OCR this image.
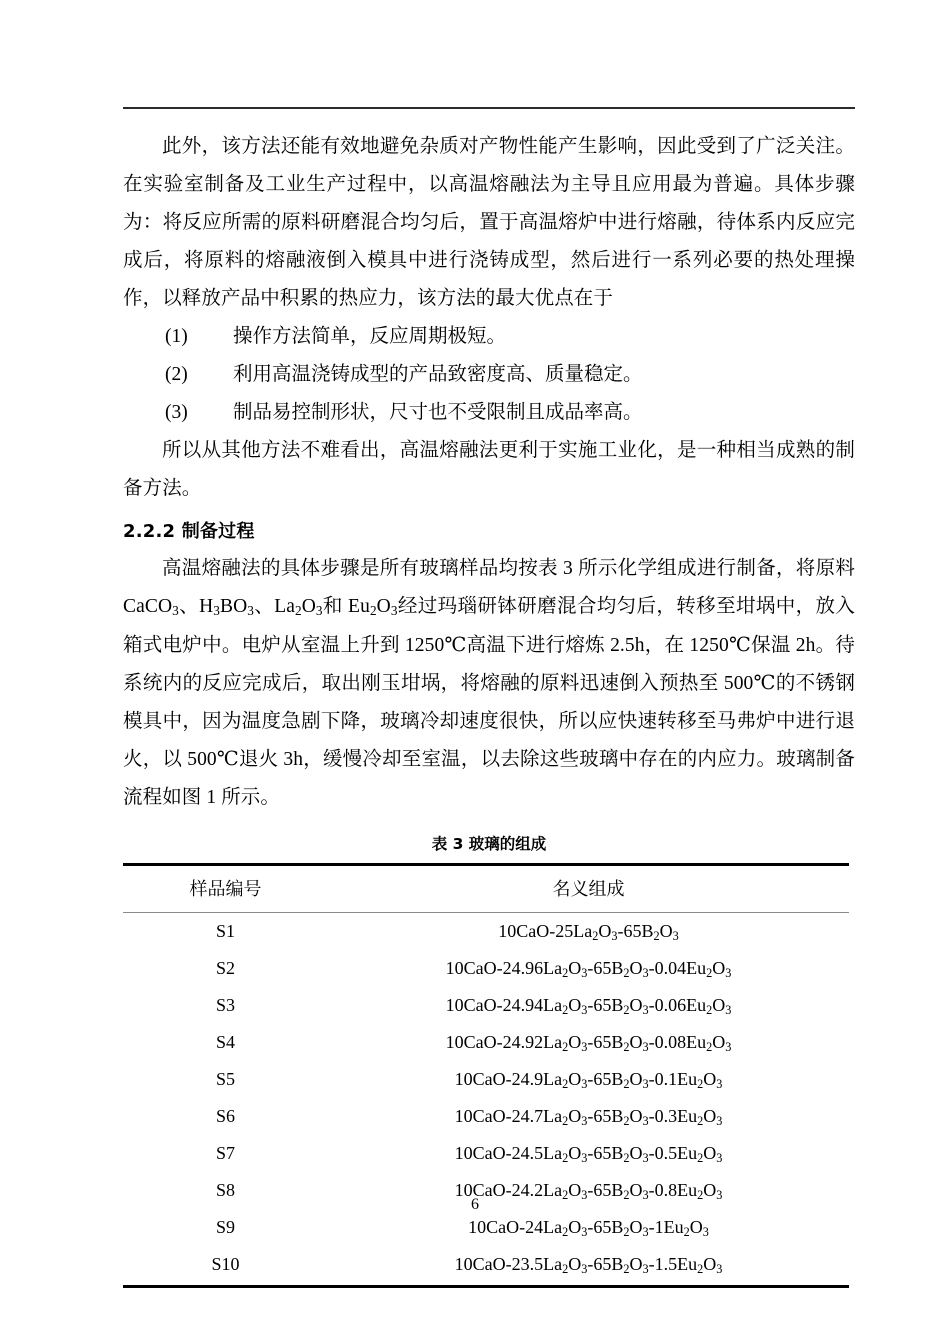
此外，该方法还能有效地避免杂质对产物性能产生影响，因此受到了广泛关注。在实验室制备及工业生产过程中，以高温熔融法为主导且应用最为普遍。具体步骤为：将反应所需的原料研磨混合均匀后，置于高温熔炉中进行熔融，待体系内反应完成后，将原料的熔融液倒入模具中进行浇铸成型，然后进行一系列必要的热处理操作，以释放产品中积累的热应力，该方法的最大优点在于

(1) 操作方法简单，反应周期极短。
(2) 利用高温浇铸成型的产品致密度高、质量稳定。
(3) 制品易控制形状，尺寸也不受限制且成品率高。

所以从其他方法不难看出，高温熔融法更利于实施工业化，是一种相当成熟的制备方法。

2.2.2 制备过程

高温熔融法的具体步骤是所有玻璃样品均按表 3 所示化学组成进行制备，将原料 CaCO$_3$、$H_3BO_3$、$La_2O_3$和 $Eu_2O_3$经过玛瑙研钵研磨混合均匀后，转移至坩埚中，放入箱式电炉中。电炉从室温上升到 1250℃高温下进行熔炼 2.5h，在 1250℃保温 2h。待系统内的反应完成后，取出刚玉坩埚，将熔融的原料迅速倒入预热至 500℃的不锈钢模具中，因为温度急剧下降，玻璃冷却速度很快，所以应快速转移至马弗炉中进行退火，以 500℃退火 3h，缓慢冷却至室温，以去除这些玻璃中存在的内应力。玻璃制备流程如图 1 所示。

表 3 玻璃的组成
样品编号	名义组成
S1	$10CaO-25La_2O_3-65B_2O_3$
S2	$10CaO-24.96La_2O_3-65B_2O_3-0.04Eu_2O_3$
S3	$10CaO-24.94La_2O_3-65B_2O_3-0.06Eu_2O_3$
S4	$10CaO-24.92La_2O_3-65B_2O_3-0.08Eu_2O_3$
S5	$10CaO-24.9La_2O_3-65B_2O_3-0.1Eu_2O_3$
S6	$10CaO-24.7La_2O_3-65B_2O_3-0.3Eu_2O_3$
S7	$10CaO-24.5La_2O_3-65B_2O_3-0.5Eu_2O_3$
S8	$10CaO-24.2La_2O_3-65B_2O_3-0.8Eu_2O_3$
S9	$10CaO-24La_2O_3-65B_2O_3-1Eu_2O_3$
S10	$10CaO-23.5La_2O_3-65B_2O_3-1.5Eu_2O_3$
6
